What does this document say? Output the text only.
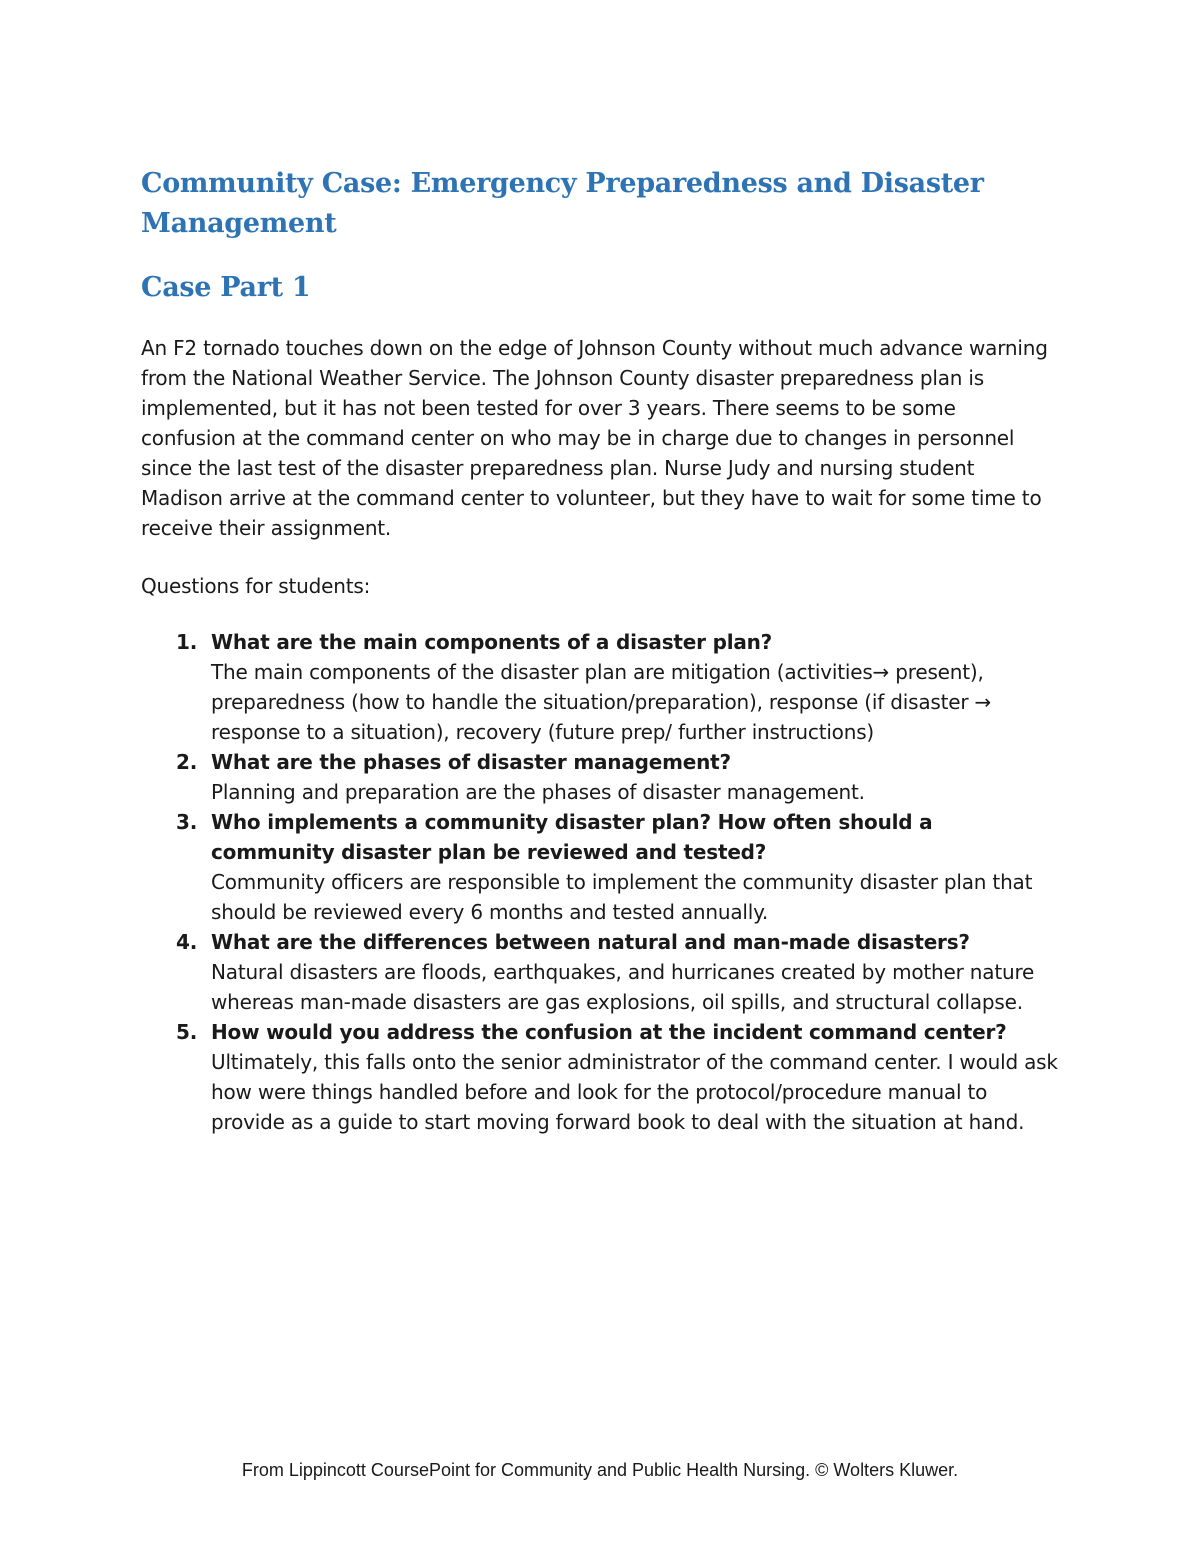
Community Case: Emergency Preparedness and Disaster Management
Case Part 1

An F2 tornado touches down on the edge of Johnson County without much advance warning from the National Weather Service. The Johnson County disaster preparedness plan is implemented, but it has not been tested for over 3 years. There seems to be some confusion at the command center on who may be in charge due to changes in personnel since the last test of the disaster preparedness plan. Nurse Judy and nursing student Madison arrive at the command center to volunteer, but they have to wait for some time to receive their assignment.

Questions for students:

1. What are the main components of a disaster plan?
The main components of the disaster plan are mitigation (activities→ present), preparedness (how to handle the situation/preparation), response (if disaster → response to a situation), recovery (future prep/ further instructions)
2. What are the phases of disaster management?
Planning and preparation are the phases of disaster management.
3. Who implements a community disaster plan? How often should a community disaster plan be reviewed and tested?
Community officers are responsible to implement the community disaster plan that should be reviewed every 6 months and tested annually.
4. What are the differences between natural and man-made disasters?
Natural disasters are floods, earthquakes, and hurricanes created by mother nature whereas man-made disasters are gas explosions, oil spills, and structural collapse.
5. How would you address the confusion at the incident command center?
Ultimately, this falls onto the senior administrator of the command center. I would ask how were things handled before and look for the protocol/procedure manual to provide as a guide to start moving forward book to deal with the situation at hand.

From Lippincott CoursePoint for Community and Public Health Nursing. © Wolters Kluwer.
